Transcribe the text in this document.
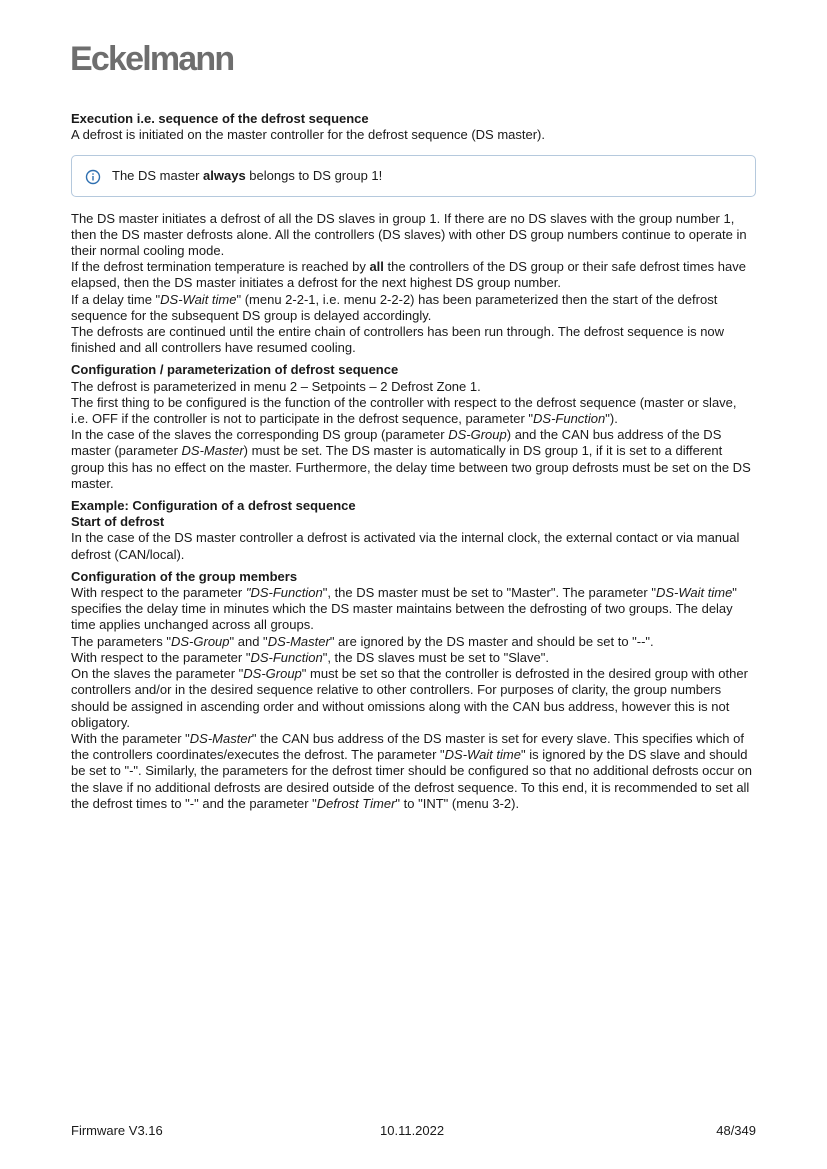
Eckelmann
Execution i.e. sequence of the defrost sequence
A defrost is initiated on the master controller for the defrost sequence (DS master).
The DS master always belongs to DS group 1!
The DS master initiates a defrost of all the DS slaves in group 1. If there are no DS slaves with the group number 1, then the DS master defrosts alone. All the controllers (DS slaves) with other DS group numbers continue to operate in their normal cooling mode.
If the defrost termination temperature is reached by all the controllers of the DS group or their safe defrost times have elapsed, then the DS master initiates a defrost for the next highest DS group number.
If a delay time "DS-Wait time" (menu 2-2-1, i.e. menu 2-2-2) has been parameterized then the start of the defrost sequence for the subsequent DS group is delayed accordingly.
The defrosts are continued until the entire chain of controllers has been run through. The defrost sequence is now finished and all controllers have resumed cooling.
Configuration / parameterization of defrost sequence
The defrost is parameterized in menu 2 – Setpoints – 2 Defrost Zone 1.
The first thing to be configured is the function of the controller with respect to the defrost sequence (master or slave, i.e. OFF if the controller is not to participate in the defrost sequence, parameter "DS-Function").
In the case of the slaves the corresponding DS group (parameter DS-Group) and the CAN bus address of the DS master (parameter DS-Master) must be set. The DS master is automatically in DS group 1, if it is set to a different group this has no effect on the master. Furthermore, the delay time between two group defrosts must be set on the DS master.
Example: Configuration of a defrost sequence
Start of defrost
In the case of the DS master controller a defrost is activated via the internal clock, the external contact or via manual defrost (CAN/local).
Configuration of the group members
With respect to the parameter "DS-Function", the DS master must be set to "Master". The parameter "DS-Wait time" specifies the delay time in minutes which the DS master maintains between the defrosting of two groups. The delay time applies unchanged across all groups.
The parameters "DS-Group" and "DS-Master" are ignored by the DS master and should be set to "--".
With respect to the parameter "DS-Function", the DS slaves must be set to "Slave".
On the slaves the parameter "DS-Group" must be set so that the controller is defrosted in the desired group with other controllers and/or in the desired sequence relative to other controllers. For purposes of clarity, the group numbers should be assigned in ascending order and without omissions along with the CAN bus address, however this is not obligatory.
With the parameter "DS-Master" the CAN bus address of the DS master is set for every slave. This specifies which of the controllers coordinates/executes the defrost. The parameter "DS-Wait time" is ignored by the DS slave and should be set to "-". Similarly, the parameters for the defrost timer should be configured so that no additional defrosts occur on the slave if no additional defrosts are desired outside of the defrost sequence. To this end, it is recommended to set all the defrost times to "-" and the parameter "Defrost Timer" to "INT" (menu 3-2).
Firmware V3.16	10.11.2022	48/349
